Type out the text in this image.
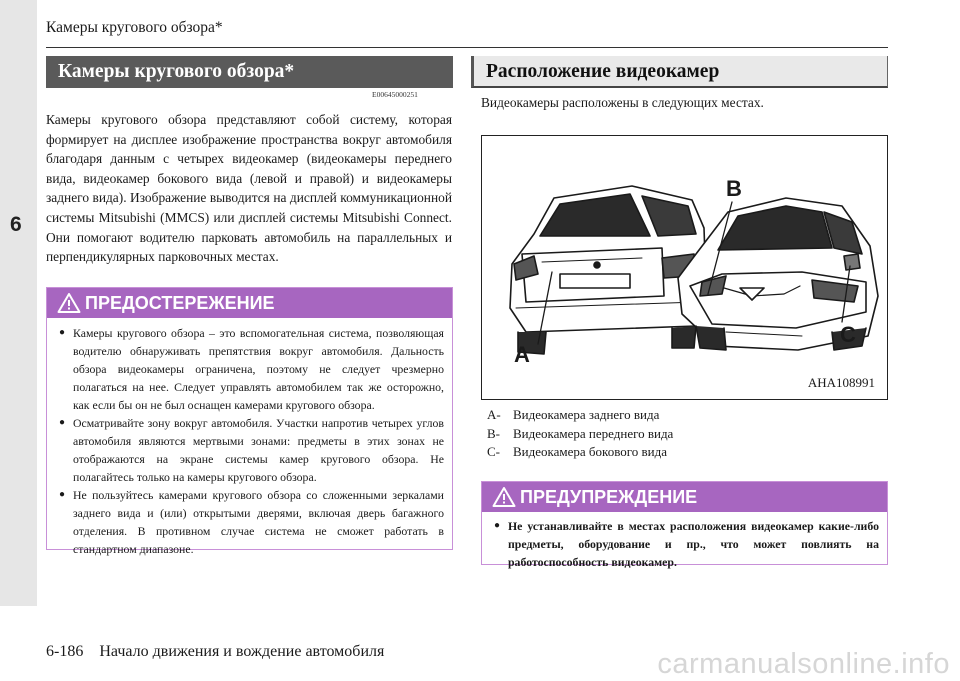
6
Камеры кругового обзора*
Камеры кругового обзора*
E00645000251
Камеры кругового обзора представляют собой систему, которая формирует на дисплее изображение пространства вокруг автомобиля благодаря данным с четырех видеокамер (видеокамеры переднего вида, видеокамер бокового вида (левой и правой) и видеокамеры заднего вида). Изображение выводится на дисплей коммуникационной системы Mitsubishi (MMCS) или дисплей системы Mitsubishi Connect. Они помогают водителю парковать автомобиль на параллельных и перпендикулярных парковочных местах.
ПРЕДОСТЕРЕЖЕНИЕ
● Камеры кругового обзора – это вспомогательная система, позволяющая водителю обнаруживать препятствия вокруг автомобиля. Дальность обзора видеокамеры ограничена, поэтому не следует чрезмерно полагаться на нее. Следует управлять автомобилем так же осторожно, как если бы он не был оснащен камерами кругового обзора.
● Осматривайте зону вокруг автомобиля. Участки напротив четырех углов автомобиля являются мертвыми зонами: предметы в этих зонах не отображаются на экране системы камер кругового обзора. Не полагайтесь только на камеры кругового обзора.
● Не пользуйтесь камерами кругового обзора со сложенными зеркалами заднего вида и (или) открытыми дверями, включая дверь багажного отделения. В противном случае система не сможет работать в стандартном диапазоне.
Расположение видеокамер
Видеокамеры расположены в следующих местах.
A
B
C
AHA108991
A- Видеокамера заднего вида
B-	Видеокамера переднего вида
C-	Видеокамера бокового вида
ПРЕДУПРЕЖДЕНИЕ
● Не устанавливайте в местах расположения видеокамер какие-либо предметы, оборудование и пр., что может повлиять на работоспособность видеокамер.
6-186 Начало движения и вождение автомобиля	carmanualsonline.info
